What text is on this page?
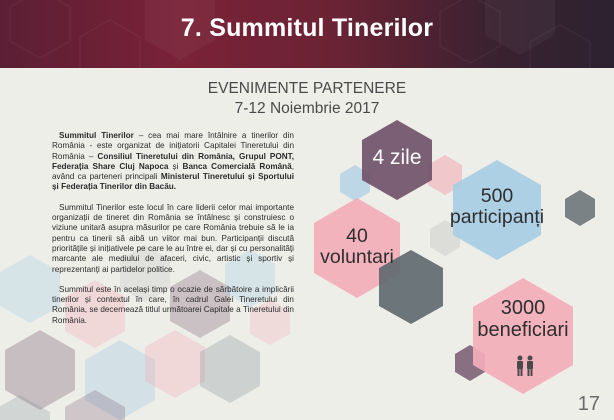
7. Summitul Tinerilor
EVENIMENTE PARTENERE
7-12 Noiembrie 2017

Summitul Tinerilor – cea mai mare întâlnire a tinerilor din România - este organizat de inițiatorii Capitalei Tineretului din România – Consiliul Tineretului din România, Grupul PONT, Federația Share Cluj Napoca și Banca Comercială Română, având ca parteneri principali Ministerul Tineretului și Sportului și Federația Tinerilor din Bacău.

Summitul Tinerilor este locul în care liderii celor mai importante organizații de tineret din România se întâlnesc și construiesc o viziune unitară asupra măsurilor pe care România trebuie să le ia pentru ca tinerii să aibă un viitor mai bun. Participanții discută prioritățile și inițiativele pe care le au între ei, dar și cu personalități marcante ale mediului de afaceri, civic, artistic și sportiv și reprezentanți ai partidelor politice.

Summitul este în același timp o ocazie de sărbătoire a implicării tinerilor și contextul în care, în cadrul Galei Tineretului din România, se decernează titlul următoarei Capitale a Tineretului din România.

4 zile
500
participanți
40
voluntari
3000
beneficiari
17
